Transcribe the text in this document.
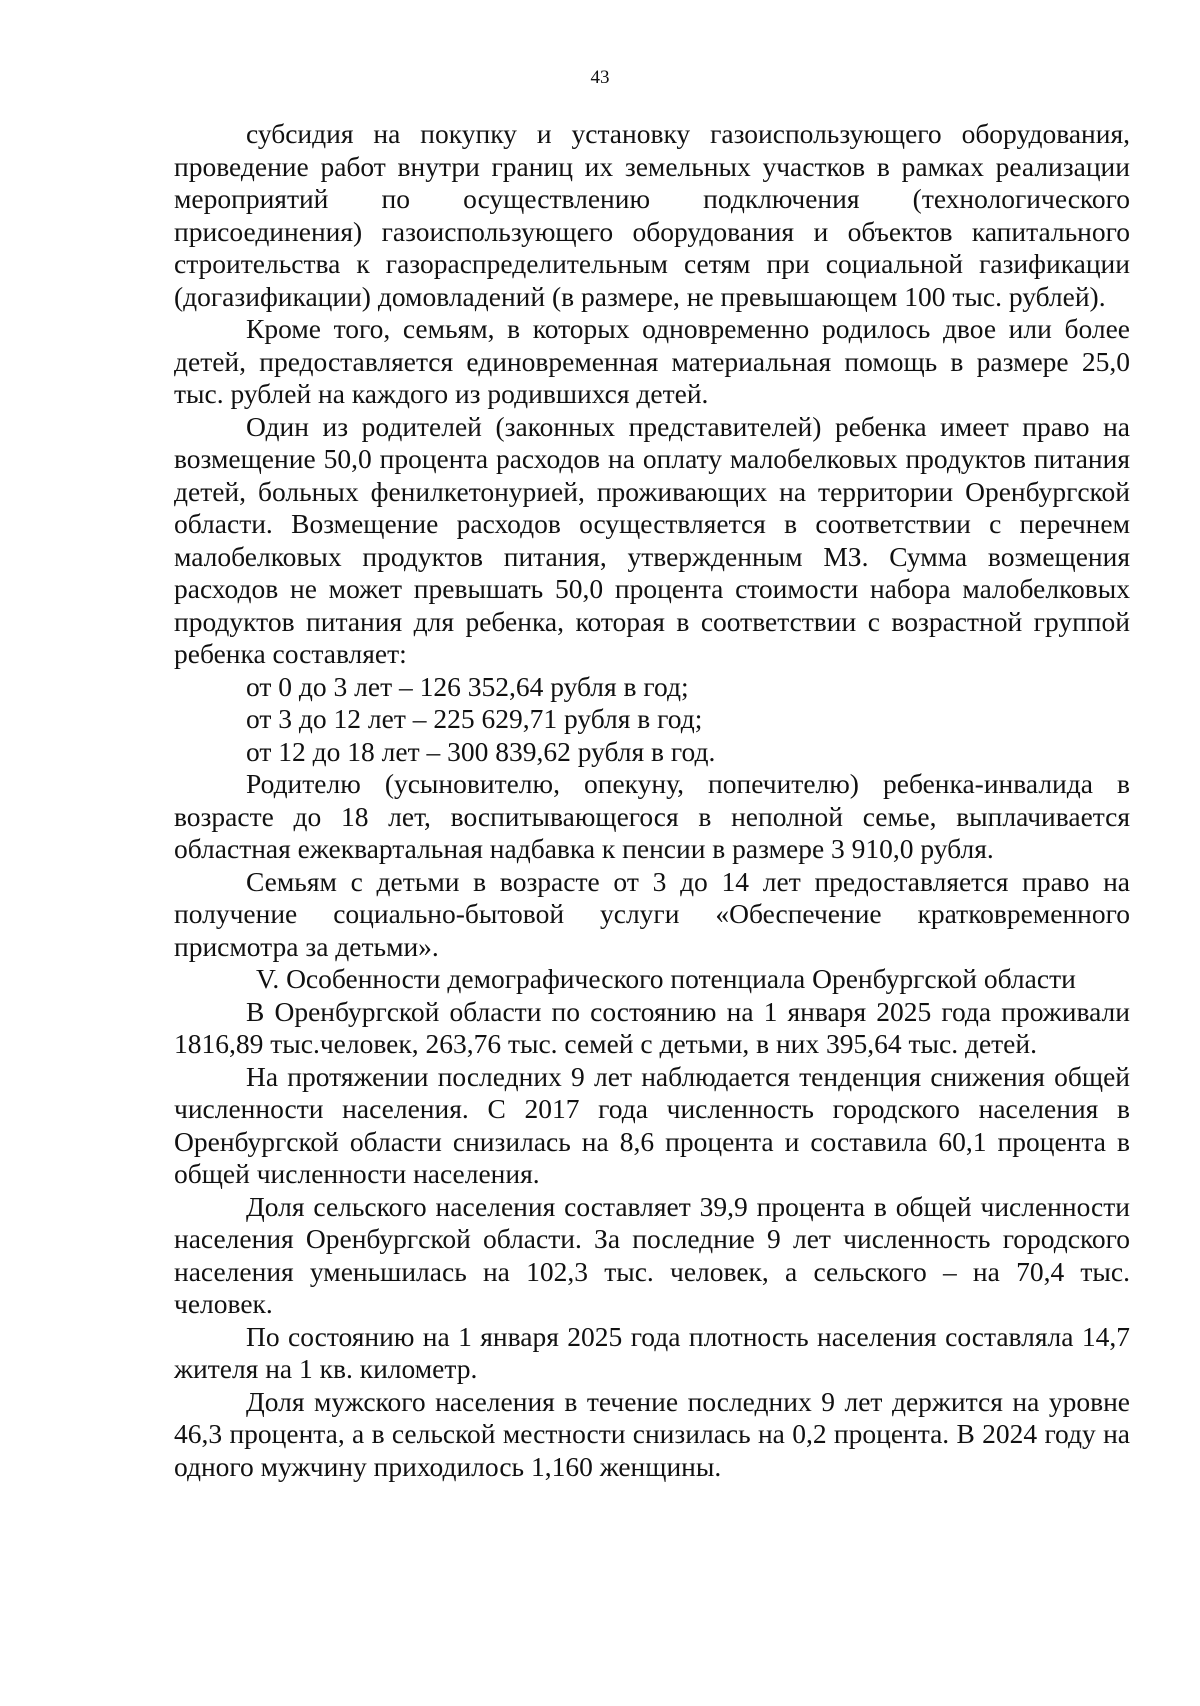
43

субсидия на покупку и установку газоиспользующего оборудования, проведение работ внутри границ их земельных участков в рамках реализации мероприятий по осуществлению подключения (технологического присоединения) газоиспользующего оборудования и объектов капитального строительства к газораспределительным сетям при социальной газификации (догазификации) домовладений (в размере, не превышающем 100 тыс. рублей).

Кроме того, семьям, в которых одновременно родилось двое или более детей, предоставляется единовременная материальная помощь в размере 25,0 тыс. рублей на каждого из родившихся детей.

Один из родителей (законных представителей) ребенка имеет право на возмещение 50,0 процента расходов на оплату малобелковых продуктов питания детей, больных фенилкетонурией, проживающих на территории Оренбургской области. Возмещение расходов осуществляется в соответствии с перечнем малобелковых продуктов питания, утвержденным МЗ. Сумма возмещения расходов не может превышать 50,0 процента стоимости набора малобелковых продуктов питания для ребенка, которая в соответствии с возрастной группой ребенка составляет:

от 0 до 3 лет – 126 352,64 рубля в год;
от 3 до 12 лет – 225 629,71 рубля в год;
от 12 до 18 лет – 300 839,62 рубля в год.

Родителю (усыновителю, опекуну, попечителю) ребенка-инвалида в возрасте до 18 лет, воспитывающегося в неполной семье, выплачивается областная ежеквартальная надбавка к пенсии в размере 3 910,0 рубля.

Семьям с детьми в возрасте от 3 до 14 лет предоставляется право на получение социально-бытовой услуги «Обеспечение кратковременного присмотра за детьми».

V. Особенности демографического потенциала Оренбургской области

В Оренбургской области по состоянию на 1 января 2025 года проживали 1816,89 тыс.человек, 263,76 тыс. семей с детьми, в них 395,64 тыс. детей.

На протяжении последних 9 лет наблюдается тенденция снижения общей численности населения. С 2017 года численность городского населения в Оренбургской области снизилась на 8,6 процента и составила 60,1 процента в общей численности населения.

Доля сельского населения составляет 39,9 процента в общей численности населения Оренбургской области. За последние 9 лет численность городского населения уменьшилась на 102,3 тыс. человек, а сельского – на 70,4 тыс. человек.

По состоянию на 1 января 2025 года плотность населения составляла 14,7 жителя на 1 кв. километр.

Доля мужского населения в течение последних 9 лет держится на уровне 46,3 процента, а в сельской местности снизилась на 0,2 процента. В 2024 году на одного мужчину приходилось 1,160 женщины.
